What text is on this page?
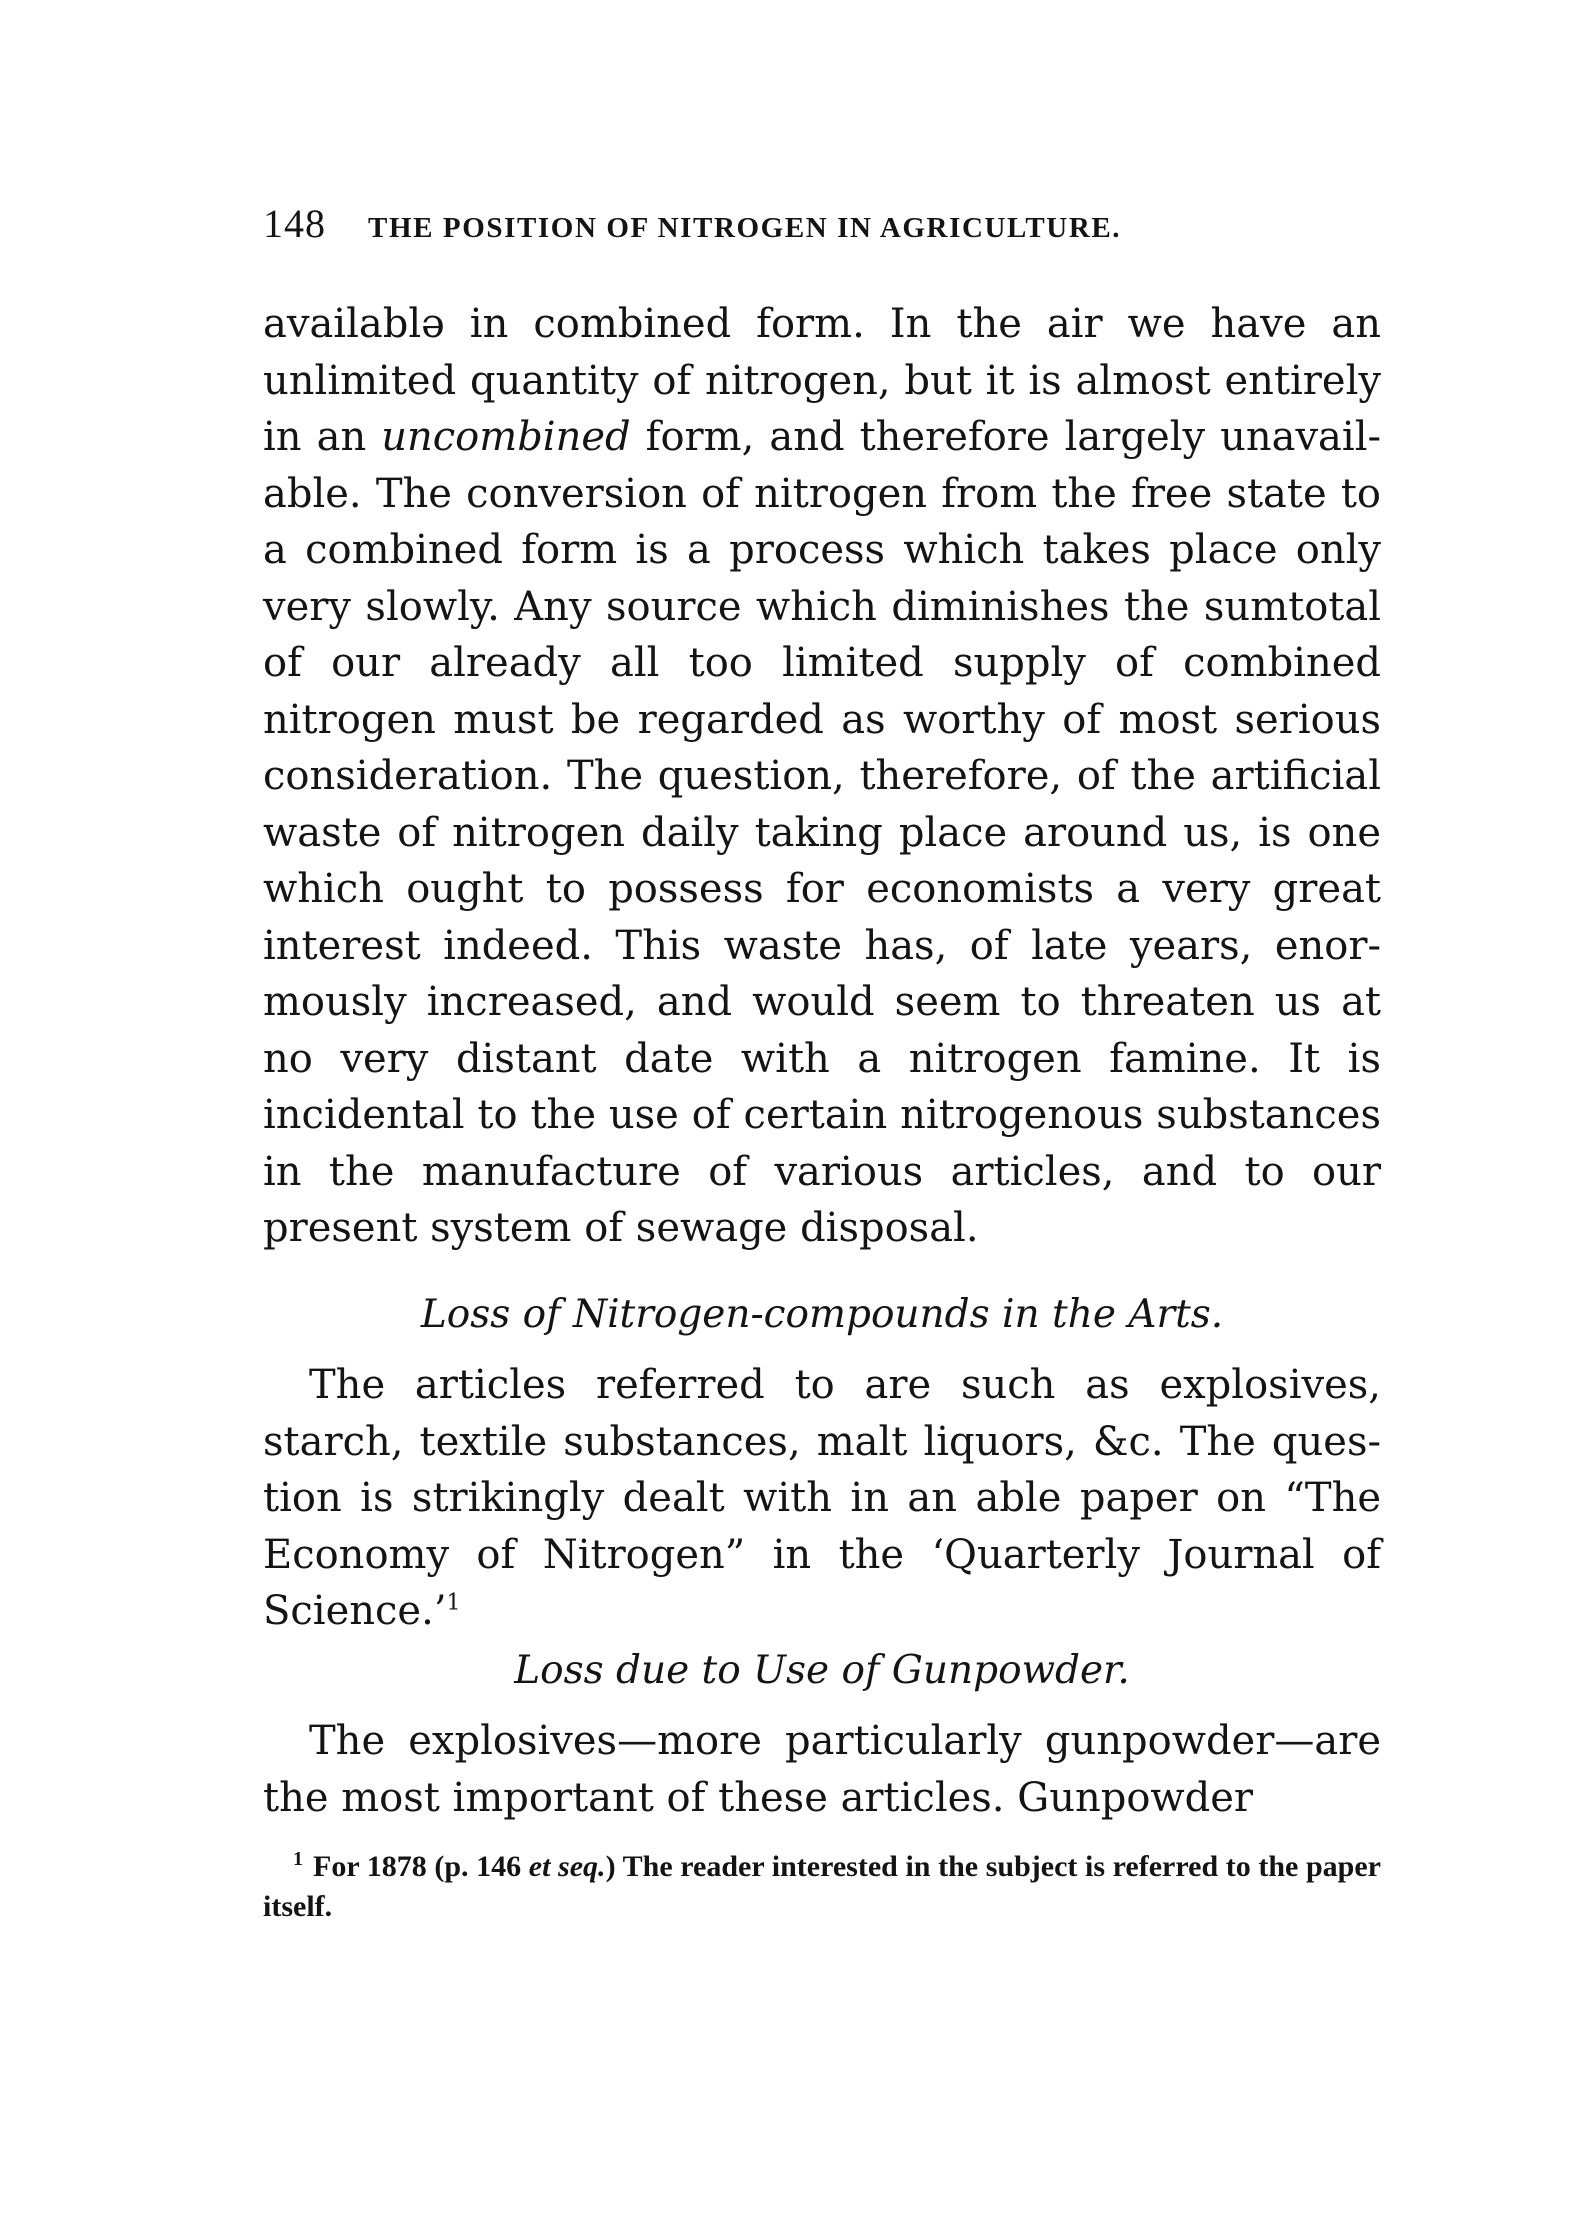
148 THE POSITION OF NITROGEN IN AGRICULTURE.

availablə in combined form. In the air we have an unlimited quantity of nitrogen, but it is almost entirely in an uncombined form, and therefore largely unavailable. The conversion of nitrogen from the free state to a combined form is a process which takes place only very slowly. Any source which diminishes the sumtotal of our already all too limited supply of combined nitrogen must be regarded as worthy of most serious consideration. The question, therefore, of the artificial waste of nitrogen daily taking place around us, is one which ought to possess for economists a very great interest indeed. This waste has, of late years, enormously increased, and would seem to threaten us at no very distant date with a nitrogen famine. It is incidental to the use of certain nitrogenous substances in the manufacture of various articles, and to our present system of sewage disposal.

Loss of Nitrogen-compounds in the Arts.

The articles referred to are such as explosives, starch, textile substances, malt liquors, &c. The question is strikingly dealt with in an able paper on “The Economy of Nitrogen” in the ‘Quarterly Journal of Science.’$^1$

Loss due to Use of Gunpowder.

The explosives—more particularly gunpowder—are the most important of these articles. Gunpowder

1 For 1878 (p. 146 et seq.) The reader interested in the subject is referred to the paper itself.
